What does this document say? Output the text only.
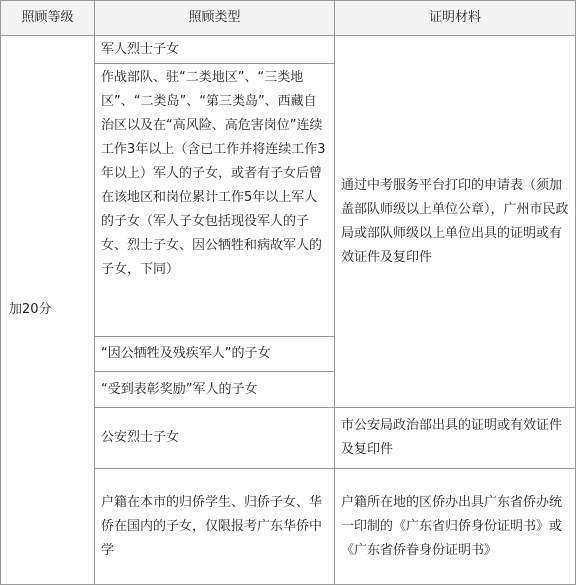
照顾等级	照顾类型	证明材料
加20分
军人烈士子女
作战部队、驻“二类地区”、“三类地区”、“二类岛”、“第三类岛”、西藏自治区以及在“高风险、高危害岗位”连续工作3年以上（含已工作并将连续工作3年以上）军人的子女，或者有子女后曾在该地区和岗位累计工作5年以上军人的子女（军人子女包括现役军人的子女、烈士子女、因公牺牲和病故军人的子女，下同）
“因公牺牲及残疾军人”的子女
“受到表彰奖励”军人的子女
公安烈士子女
户籍在本市的归侨学生、归侨子女、华侨在国内的子女，仅限报考广东华侨中学
通过中考服务平台打印的申请表（须加盖部队师级以上单位公章），广州市民政局或部队师级以上单位出具的证明或有效证件及复印件
市公安局政治部出具的证明或有效证件及复印件
户籍所在地的区侨办出具广东省侨办统一印制的《广东省归侨身份证明书》或《广东省侨眷身份证明书》
